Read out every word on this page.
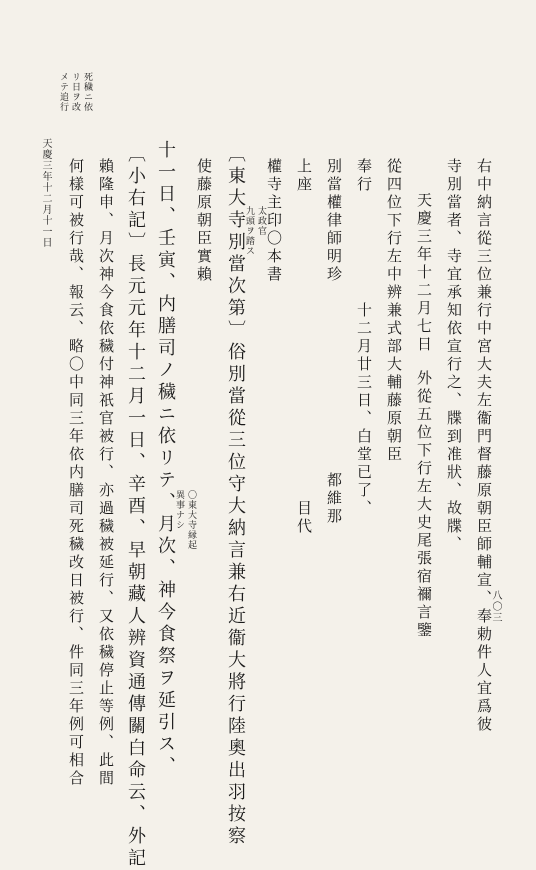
天慶三年十二月十一日
死穢ニ依
リ日ヲ改
メテ追行
右中納言從三位兼行中宮大夫左衞門督藤原朝臣師輔宣、奉勅件人宜爲彼
寺別當者、寺宜承知依宣行之、牒到准狀、故牒、
天慶三年十二月七日
外從五位下行左大史尾張宿禰言鑒
從四位下行左中辨兼式部大輔藤原朝臣
奉行
十二月廿三日、白堂已了、
別當權律師明珍
都維那
上座
目代
權寺主印〇本書
太政官
九頭ヲ踏ス
〔東大寺別當次第〕俗別當從三位守大納言兼右近衞大將行陸奧出羽按察
使藤原朝臣實賴
〇東大寺縁起
異事ナシ
十一日、壬寅、内膳司ノ穢ニ依リテ、月次、神今食祭ヲ延引ス、
〔小右記〕長元元年十二月一日、辛酉、早朝藏人辨資通傳關白命云、外記
賴隆申、月次神今食依穢付神祇官被行、亦過穢被延行、又依穢停止等例、此間
何樣可被行哉、報云、略〇中同三年依内膳司死穢改日被行、件同三年例可相合	八〇三
